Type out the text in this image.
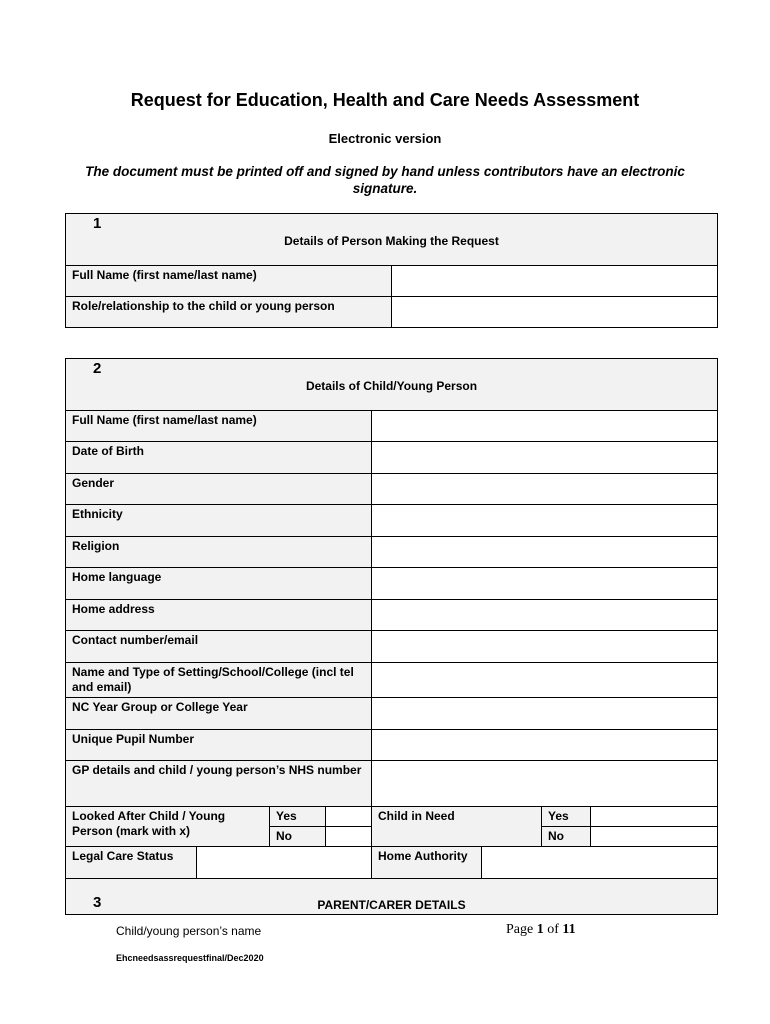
Request for Education, Health and Care Needs Assessment
Electronic version
The document must be printed off and signed by hand unless contributors have an electronic signature.
1
Details of Person Making the Request	

Full Name (first name/last name)	
Role/relationship to the child or young person	
2
Details of Child/Young Person							

Full Name (first name/last name)							
Date of Birth							
Gender							
Ethnicity							
Religion							
Home language							
Home address							
Contact number/email							
Name and Type of Setting/School/College (incl tel and email)							
NC Year Group or College Year							
Unique Pupil Number							
GP details and child / young person’s NHS number							
Looked After Child / Young Person (mark with x)		Yes		Child in Need		Yes	
		No				No	
Legal Care Status				Home Authority			

3 PARENT/CARER DETAILS							
Child/young person’s name	Page 1 of 11
Ehcneedsassrequestfinal/Dec2020
